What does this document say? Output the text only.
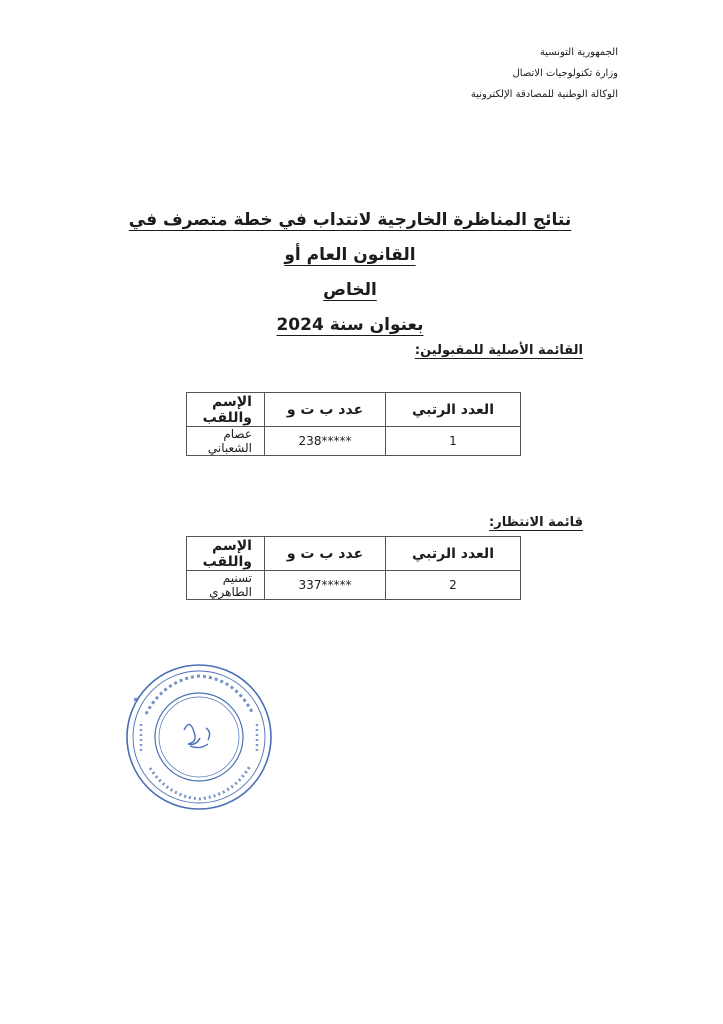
الجمهورية التونسية
وزارة تكنولوجيات الاتصال
الوكالة الوطنية للمصادقة الإلكترونية
نتائج المناظرة الخارجية لانتداب في خطة متصرف في القانون العام أو
الخاص
بعنوان سنة 2024
القائمة الأصلية للمقبولين:
العدد الرتبي	عدد ب ت و	الإسم واللقب
1	238*****	عصام الشعباني
قائمة الانتظار:
العدد الرتبي	عدد ب ت و	الإسم واللقب
2	337*****	تسنيم الطاهري
